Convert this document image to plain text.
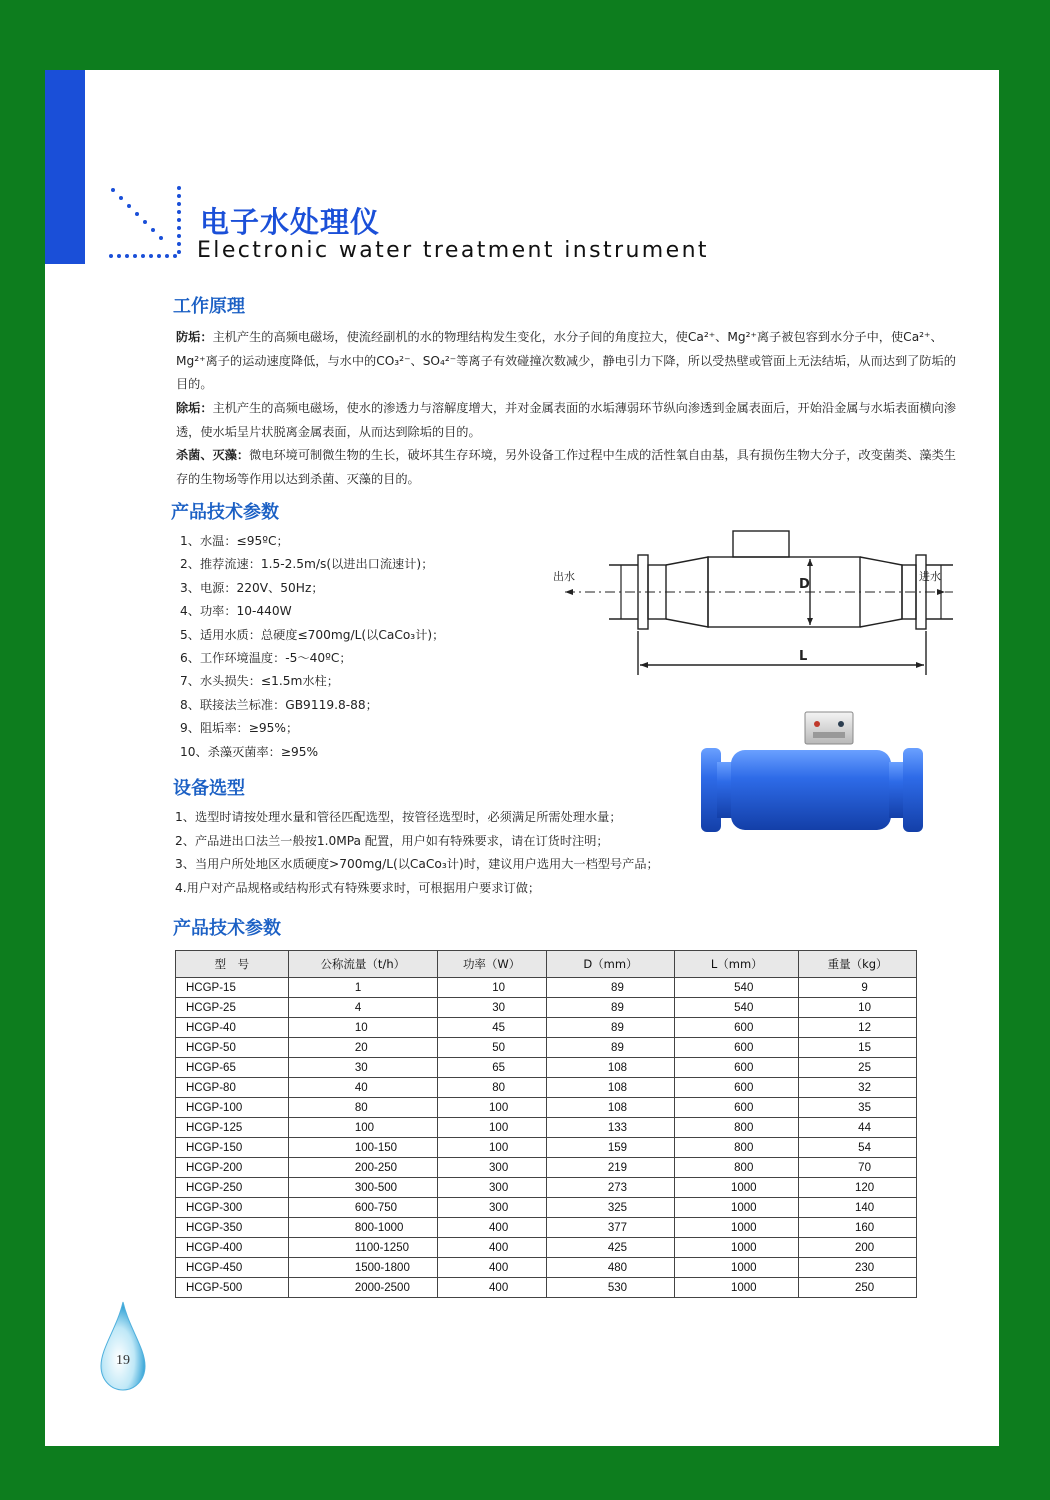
电子水处理仪
Electronic water treatment instrument
工作原理
防垢：主机产生的高频电磁场，使流经副机的水的物理结构发生变化，水分子间的角度拉大，使Ca²⁺、Mg²⁺离子被包容到水分子中，使Ca²⁺、Mg²⁺离子的运动速度降低，与水中的CO₃²⁻、SO₄²⁻等离子有效碰撞次数减少，静电引力下降，所以受热壁或管面上无法结垢，从而达到了防垢的目的。
除垢：主机产生的高频电磁场，使水的渗透力与溶解度增大，并对金属表面的水垢薄弱环节纵向渗透到金属表面后，开始沿金属与水垢表面横向渗透，使水垢呈片状脱离金属表面，从而达到除垢的目的。
杀菌、灭藻：微电环境可制微生物的生长，破坏其生存环境，另外设备工作过程中生成的活性氧自由基，具有损伤生物大分子，改变菌类、藻类生存的生物场等作用以达到杀菌、灭藻的目的。
产品技术参数
1、水温：≤95ºC；
2、推荐流速：1.5-2.5m/s(以进出口流速计)；
3、电源：220V、50Hz；
4、功率：10-440W
5、适用水质：总硬度≤700mg/L(以CaCo₃计)；
6、工作环境温度：-5～40ºC；
7、水头损失：≤1.5m水柱；
8、联接法兰标准：GB9119.8-88；
9、阻垢率：≥95%；
10、杀藻灭菌率：≥95%
出水	进水
D
L
设备选型
1、选型时请按处理水量和管径匹配选型，按管径选型时，必须满足所需处理水量；
2、产品进出口法兰一般按1.0MPa 配置，用户如有特殊要求，请在订货时注明；
3、当用户所处地区水质硬度>700mg/L(以CaCo₃计)时，建议用户选用大一档型号产品；
4.用户对产品规格或结构形式有特殊要求时，可根据用户要求订做；
产品技术参数
型　号	公称流量（t/h）	功率（W）	D（mm）	L（mm）	重量（kg）
HCGP-15	1	10	89	540	9
HCGP-25	4	30	89	540	10
HCGP-40	10	45	89	600	12
HCGP-50	20	50	89	600	15
HCGP-65	30	65	108	600	25
HCGP-80	40	80	108	600	32
HCGP-100	80	100	108	600	35
HCGP-125	100	100	133	800	44
HCGP-150	100-150	100	159	800	54
HCGP-200	200-250	300	219	800	70
HCGP-250	300-500	300	273	1000	120
HCGP-300	600-750	300	325	1000	140
HCGP-350	800-1000	400	377	1000	160
HCGP-400	1100-1250	400	425	1000	200
HCGP-450	1500-1800	400	480	1000	230
HCGP-500	2000-2500	400	530	1000	250
19
